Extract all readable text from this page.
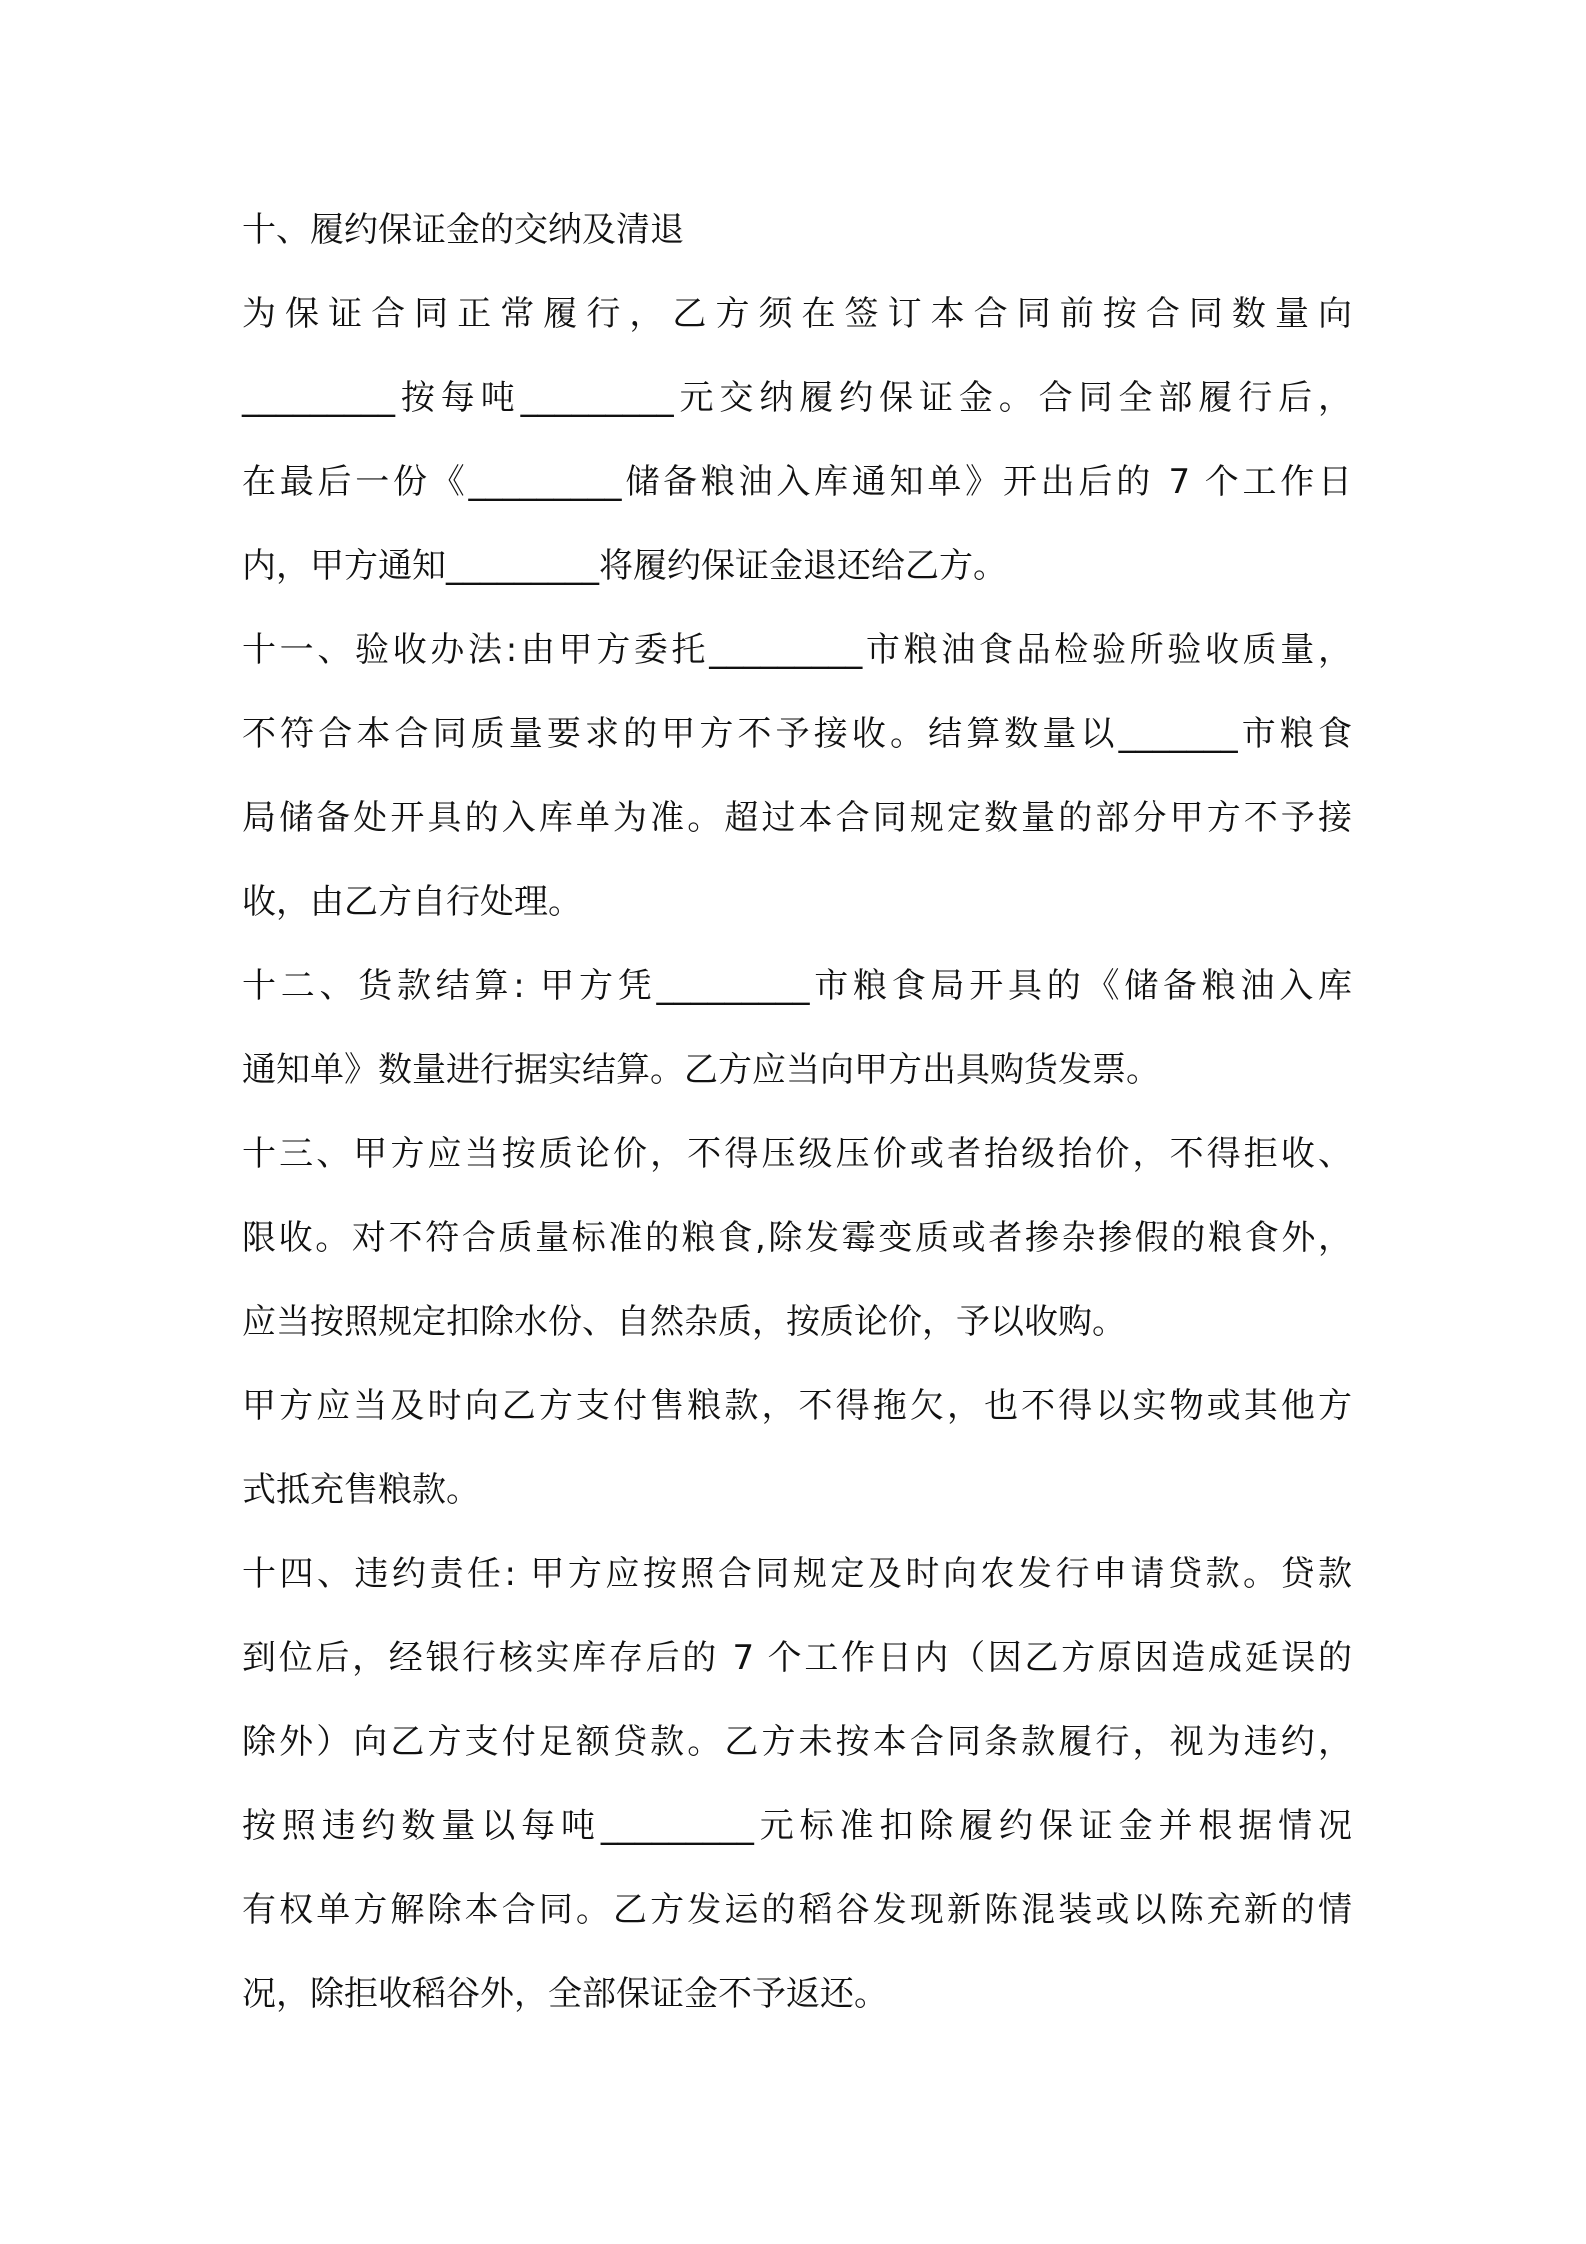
十、履约保证金的交纳及清退
为保证合同正常履行，乙方须在签订本合同前按合同数量向
_________按每吨_________元交纳履约保证金。合同全部履行后，
在最后一份《_________储备粮油入库通知单》开出后的 7 个工作日
内，甲方通知_________将履约保证金退还给乙方。
十一、验收办法:由甲方委托_________市粮油食品检验所验收质量，
不符合本合同质量要求的甲方不予接收。结算数量以_______市粮食
局储备处开具的入库单为准。超过本合同规定数量的部分甲方不予接
收，由乙方自行处理。
十二、货款结算: 甲方凭_________市粮食局开具的《储备粮油入库
通知单》数量进行据实结算。乙方应当向甲方出具购货发票。
十三、甲方应当按质论价，不得压级压价或者抬级抬价，不得拒收、
限收。对不符合质量标准的粮食,除发霉变质或者掺杂掺假的粮食外，
应当按照规定扣除水份、自然杂质，按质论价，予以收购。
甲方应当及时向乙方支付售粮款，不得拖欠，也不得以实物或其他方
式抵充售粮款。
十四、违约责任: 甲方应按照合同规定及时向农发行申请贷款。贷款
到位后，经银行核实库存后的 7 个工作日内（因乙方原因造成延误的
除外）向乙方支付足额贷款。乙方未按本合同条款履行，视为违约，
按照违约数量以每吨_________元标准扣除履约保证金并根据情况
有权单方解除本合同。乙方发运的稻谷发现新陈混装或以陈充新的情
况，除拒收稻谷外，全部保证金不予返还。
